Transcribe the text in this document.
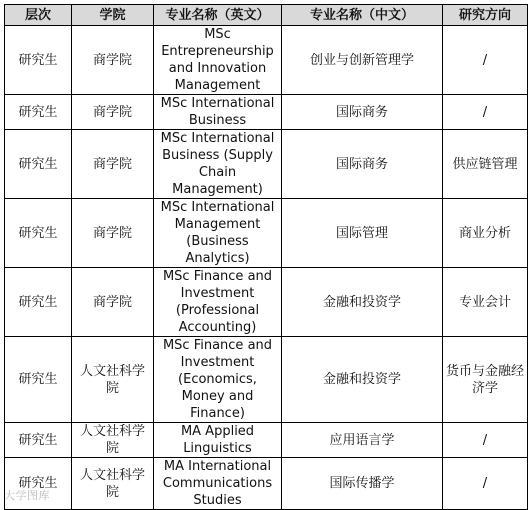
层次	学院	专业名称（英文）	专业名称（中文）	研究方向
研究生	商学院	MSc Entrepreneurship and Innovation Management	创业与创新管理学	/
研究生	商学院	MSc International Business	国际商务	/
研究生	商学院	MSc International Business (Supply Chain Management)	国际商务	供应链管理
研究生	商学院	MSc International Management (Business Analytics)	国际管理	商业分析
研究生	商学院	MSc Finance and Investment (Professional Accounting)	金融和投资学	专业会计
研究生	人文社科学院	MSc Finance and Investment (Economics, Money and Finance)	金融和投资学	货币与金融经济学
研究生	人文社科学院	MA Applied Linguistics	应用语言学	/
研究生	人文社科学院	MA International Communications Studies	国际传播学	/
大学图库
